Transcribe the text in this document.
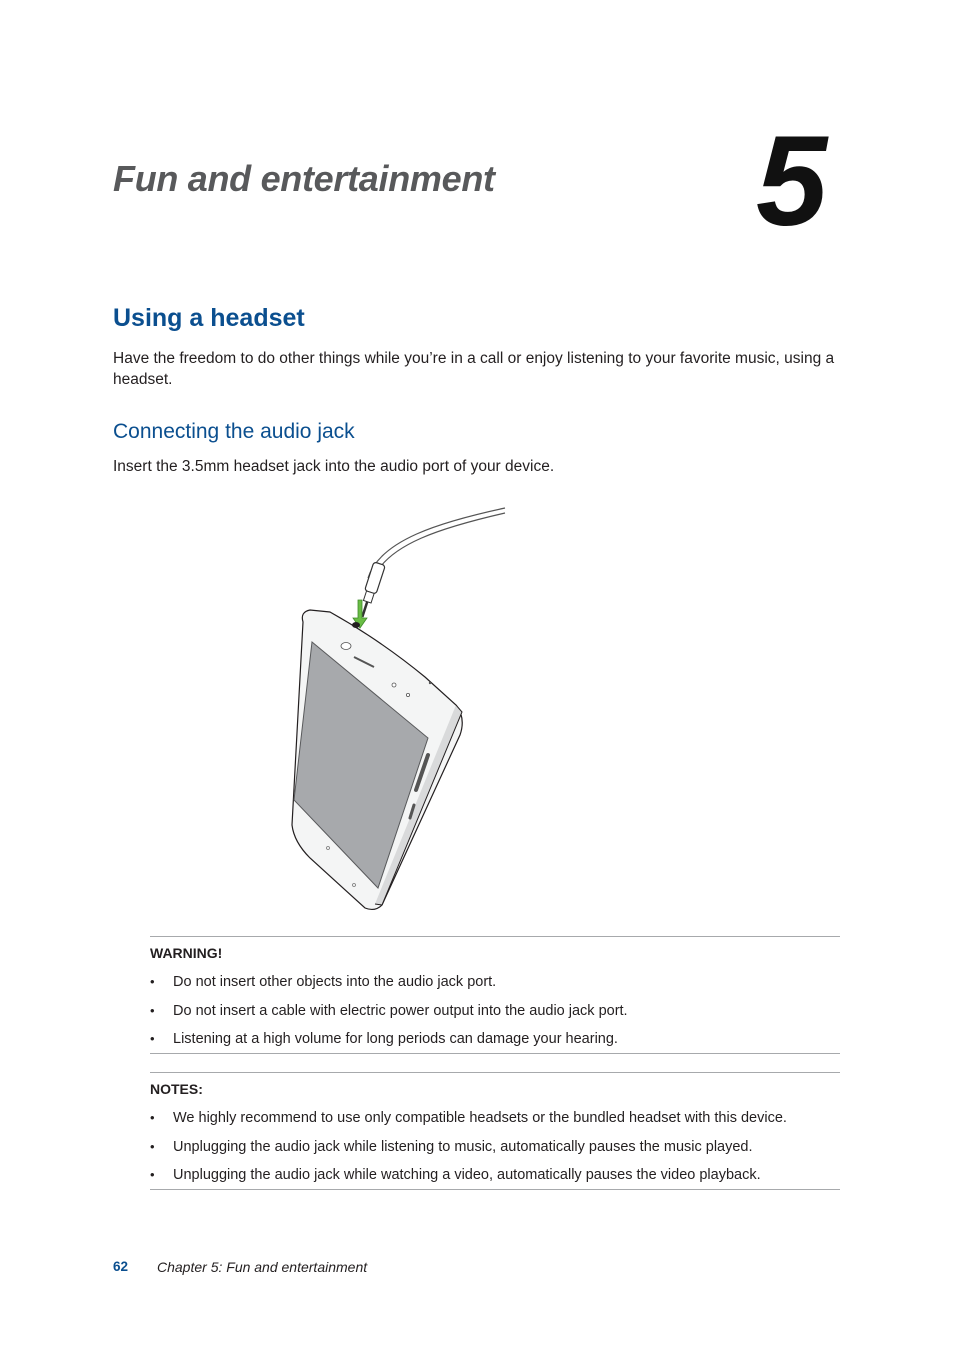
Fun and entertainment 5
Using a headset

Have the freedom to do other things while you’re in a call or enjoy listening to your favorite music, using a headset.

Connecting the audio jack

Insert the 3.5mm headset jack into the audio port of your device.

WARNING!
• Do not insert other objects into the audio jack port.
• Do not insert a cable with electric power output into the audio jack port.
• Listening at a high volume for long periods can damage your hearing.
NOTES:
• We highly recommend to use only compatible headsets or the bundled headset with this device.
• Unplugging the audio jack while listening to music, automatically pauses the music played.
• Unplugging the audio jack while watching a video, automatically pauses the video playback.
62 Chapter 5: Fun and entertainment
